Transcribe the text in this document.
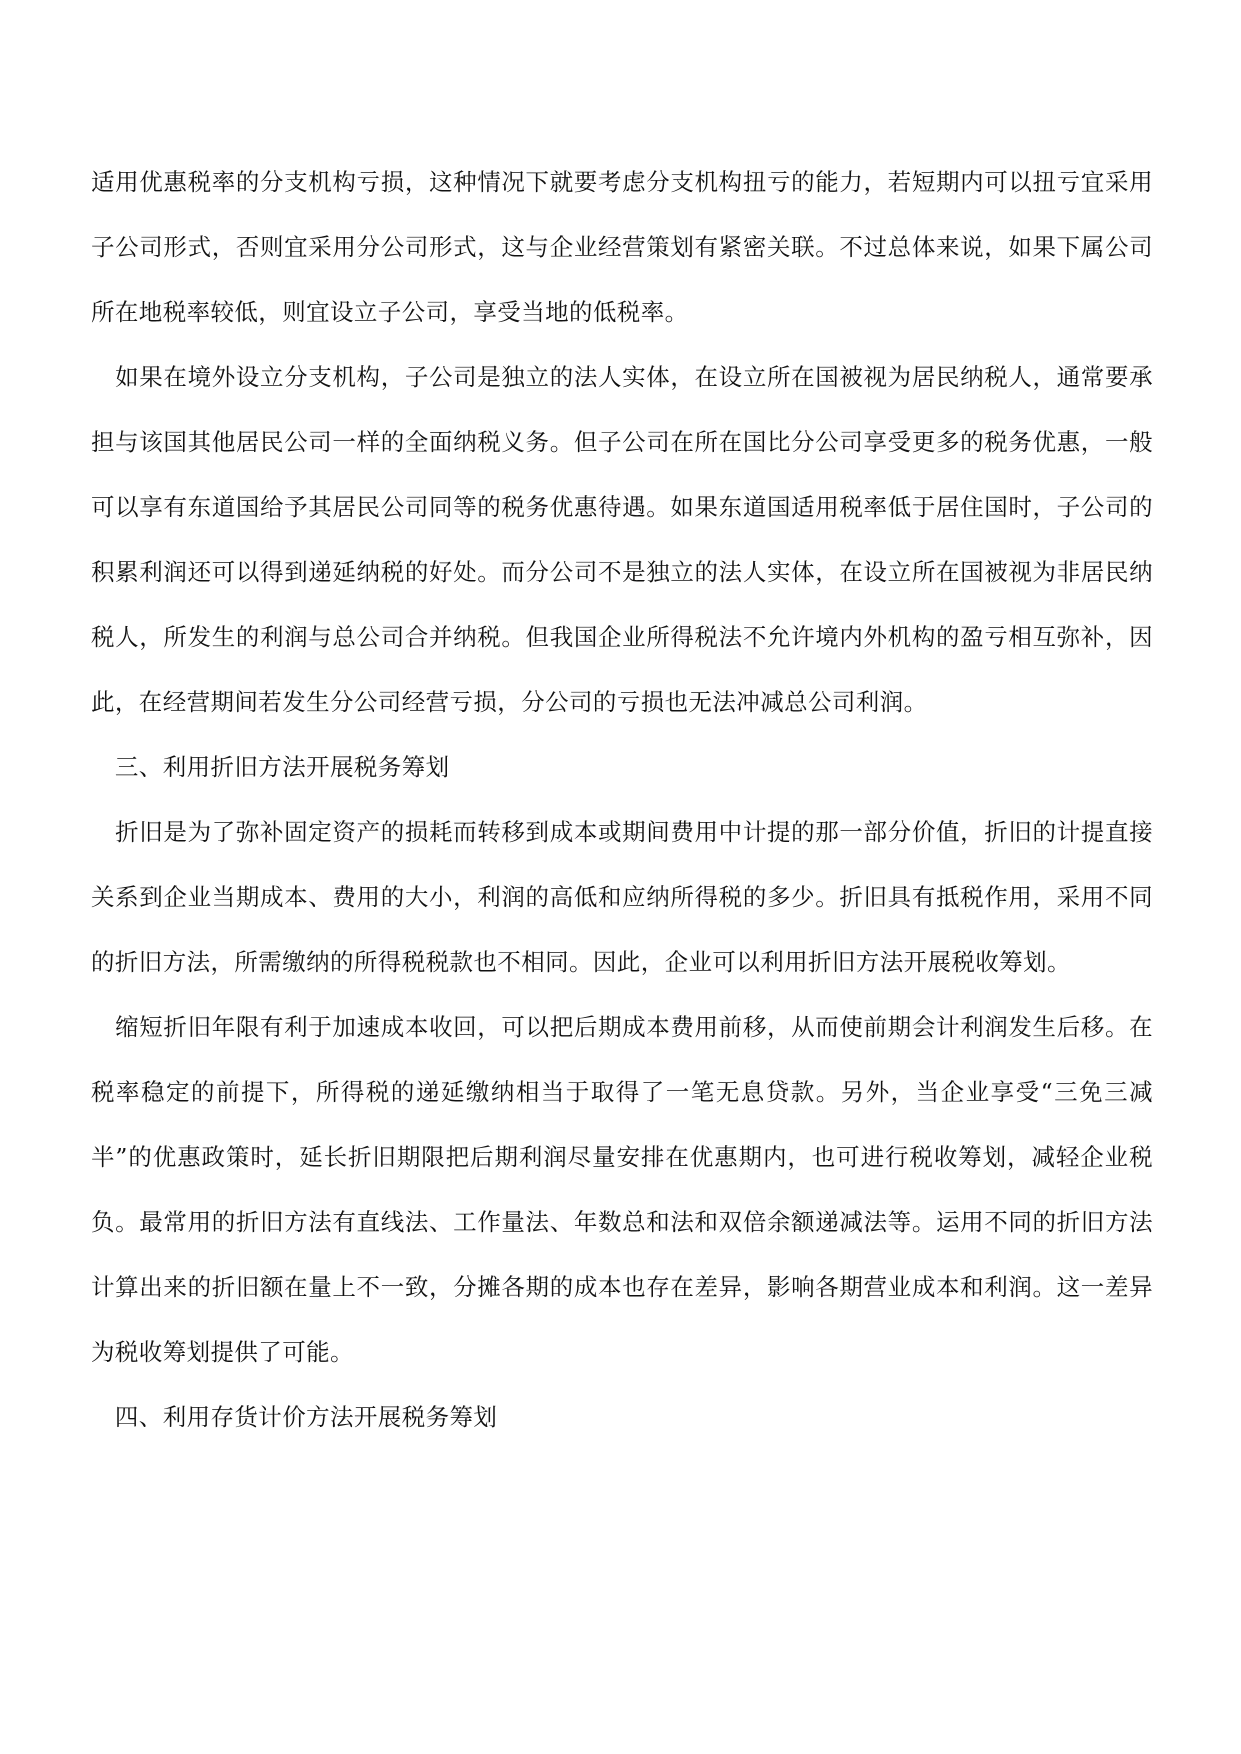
适用优惠税率的分支机构亏损，这种情况下就要考虑分支机构扭亏的能力，若短期内可以扭亏宜采用子公司形式，否则宜采用分公司形式，这与企业经营策划有紧密关联。不过总体来说，如果下属公司所在地税率较低，则宜设立子公司，享受当地的低税率。

　如果在境外设立分支机构，子公司是独立的法人实体，在设立所在国被视为居民纳税人，通常要承担与该国其他居民公司一样的全面纳税义务。但子公司在所在国比分公司享受更多的税务优惠，一般可以享有东道国给予其居民公司同等的税务优惠待遇。如果东道国适用税率低于居住国时，子公司的积累利润还可以得到递延纳税的好处。而分公司不是独立的法人实体，在设立所在国被视为非居民纳税人，所发生的利润与总公司合并纳税。但我国企业所得税法不允许境内外机构的盈亏相互弥补，因此，在经营期间若发生分公司经营亏损，分公司的亏损也无法冲减总公司利润。

　三、利用折旧方法开展税务筹划

　折旧是为了弥补固定资产的损耗而转移到成本或期间费用中计提的那一部分价值，折旧的计提直接关系到企业当期成本、费用的大小，利润的高低和应纳所得税的多少。折旧具有抵税作用，采用不同的折旧方法，所需缴纳的所得税税款也不相同。因此，企业可以利用折旧方法开展税收筹划。

　缩短折旧年限有利于加速成本收回，可以把后期成本费用前移，从而使前期会计利润发生后移。在税率稳定的前提下，所得税的递延缴纳相当于取得了一笔无息贷款。另外，当企业享受“三免三减半”的优惠政策时，延长折旧期限把后期利润尽量安排在优惠期内，也可进行税收筹划，减轻企业税负。最常用的折旧方法有直线法、工作量法、年数总和法和双倍余额递减法等。运用不同的折旧方法计算出来的折旧额在量上不一致，分摊各期的成本也存在差异，影响各期营业成本和利润。这一差异为税收筹划提供了可能。

　四、利用存货计价方法开展税务筹划
